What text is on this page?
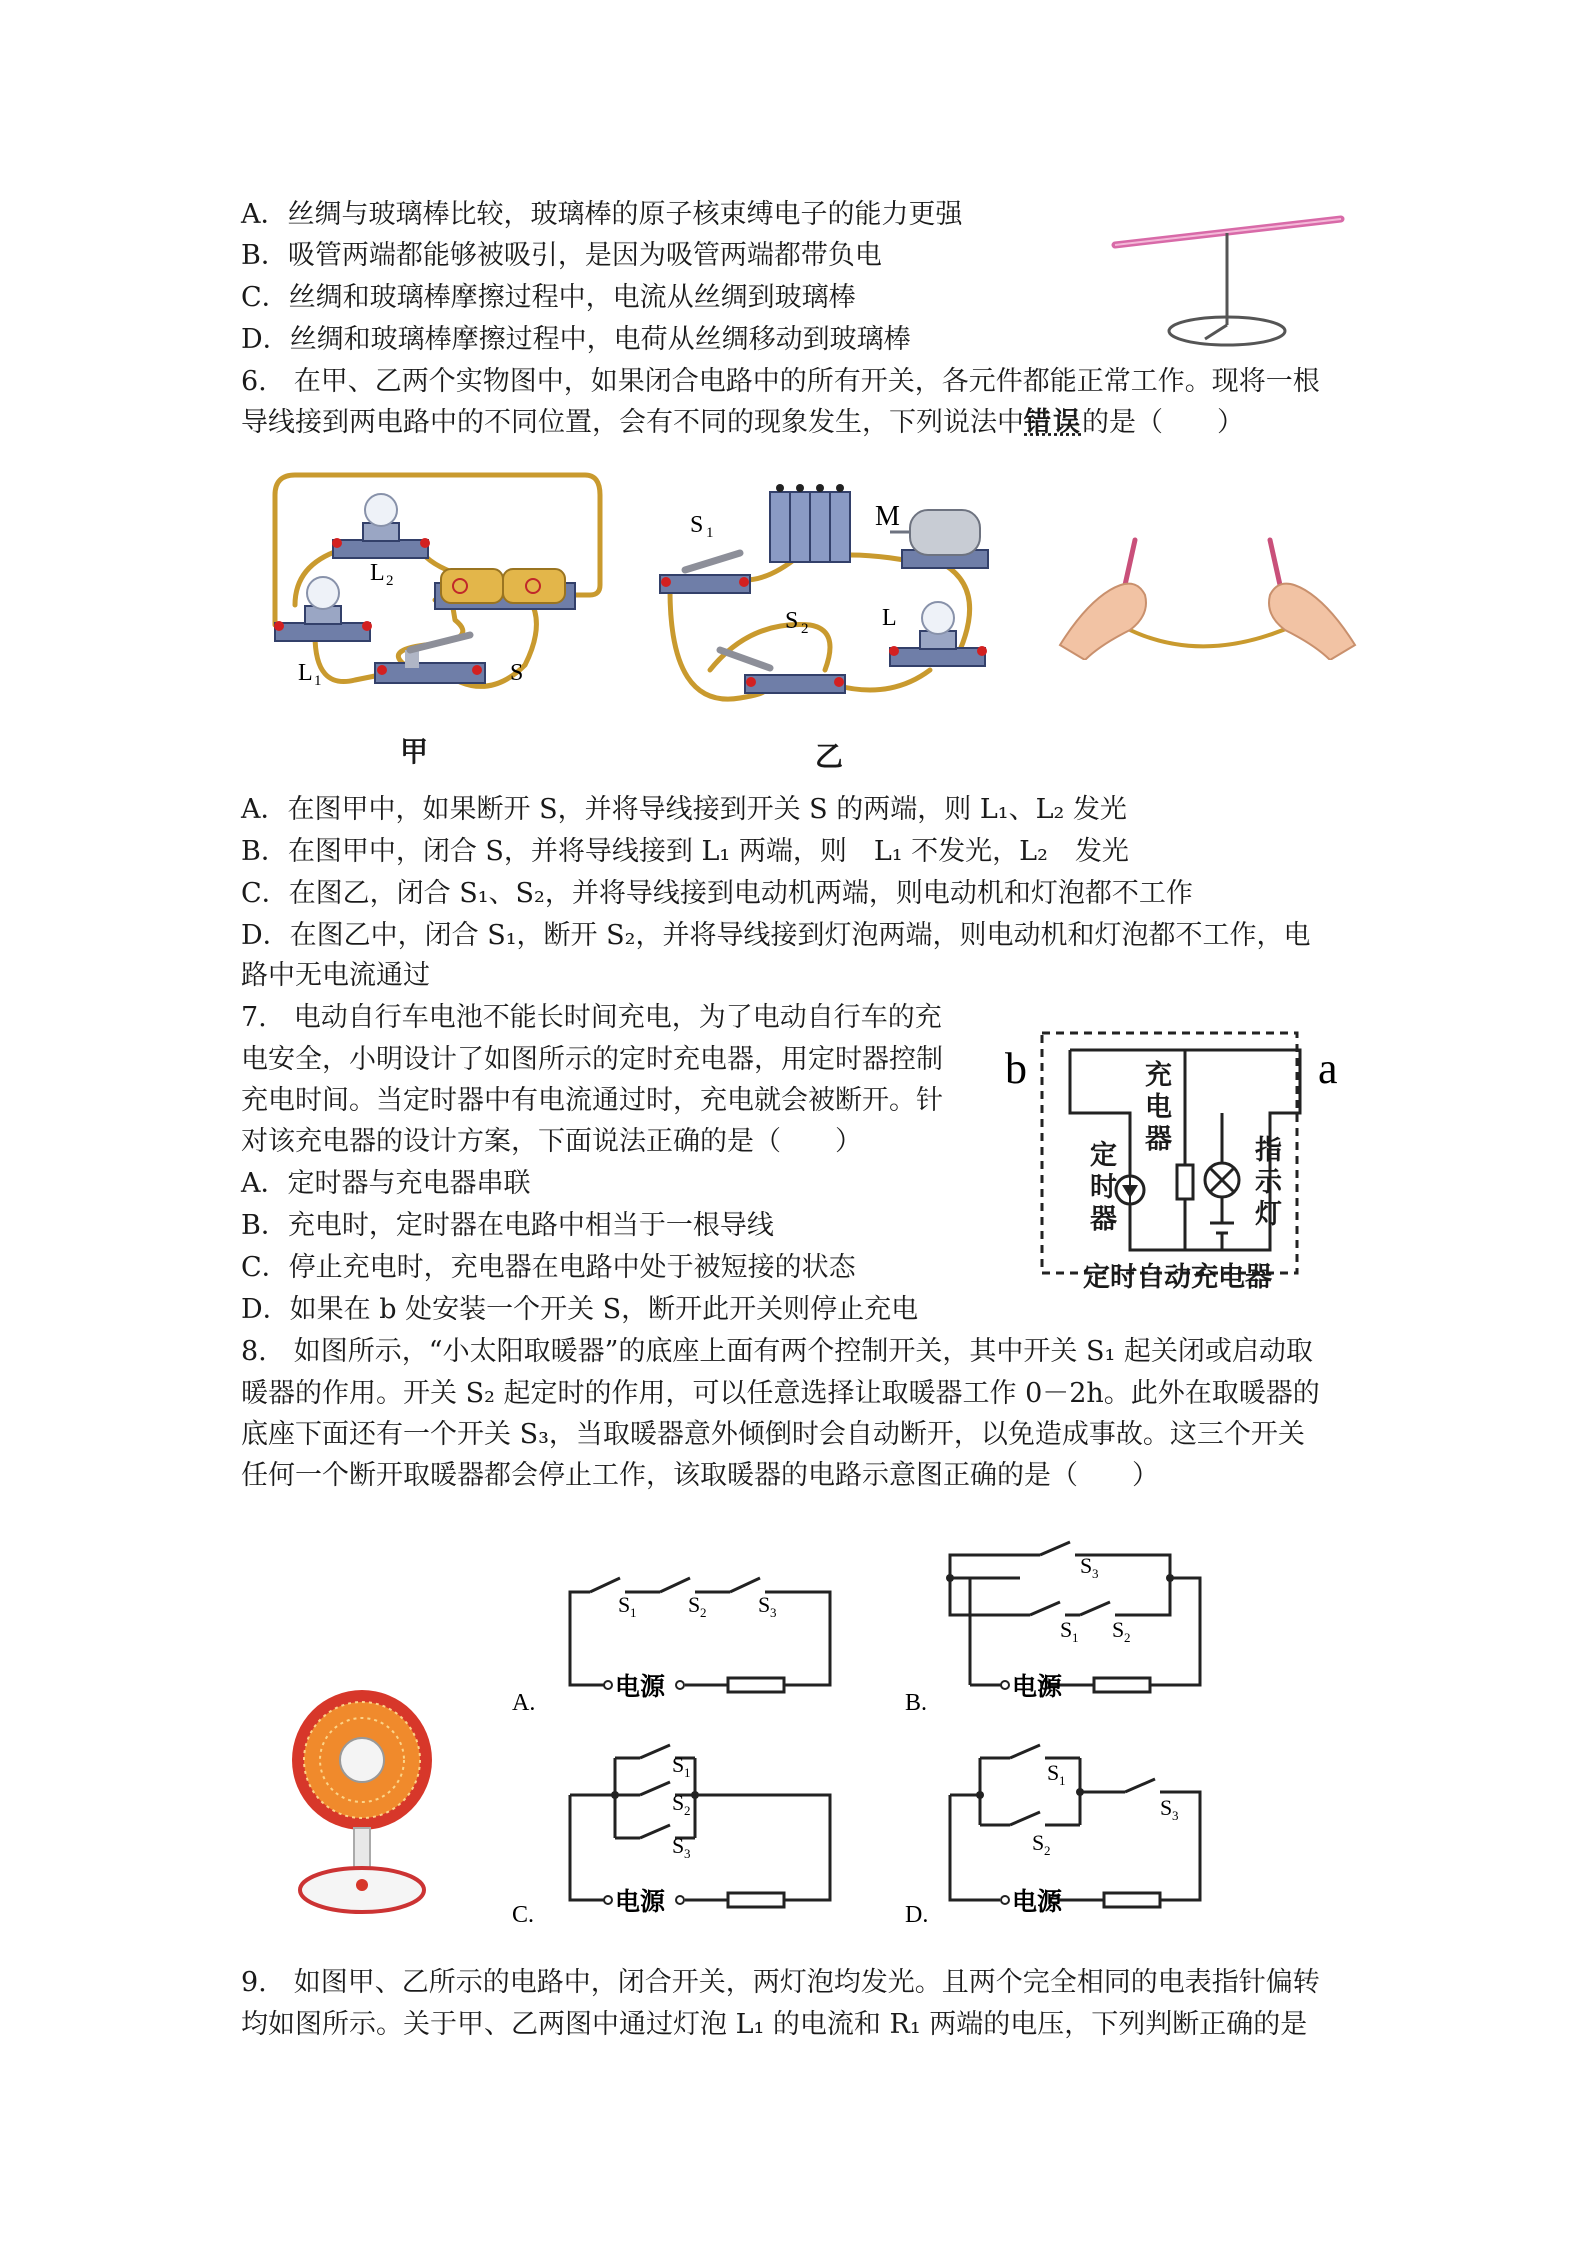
A．丝绸与玻璃棒比较，玻璃棒的原子核束缚电子的能力更强
B．吸管两端都能够被吸引，是因为吸管两端都带负电
C．丝绸和玻璃棒摩擦过程中，电流从丝绸到玻璃棒
D．丝绸和玻璃棒摩擦过程中，电荷从丝绸移动到玻璃棒
6.　在甲、乙两个实物图中，如果闭合电路中的所有开关，各元件都能正常工作。现将一根
导线接到两电路中的不同位置，会有不同的现象发生，下列说法中错误的是（　　）
L 2
L 1	S
甲
S 1
S 2
M
L
乙
A．在图甲中，如果断开 S，并将导线接到开关 S 的两端，则 L₁、L₂ 发光
B．在图甲中，闭合 S，并将导线接到 L₁ 两端，则　L₁ 不发光，L₂　发光
C．在图乙，闭合 S₁、S₂，并将导线接到电动机两端，则电动机和灯泡都不工作
D．在图乙中，闭合 S₁，断开 S₂，并将导线接到灯泡两端，则电动机和灯泡都不工作，电
路中无电流通过
7.　电动自行车电池不能长时间充电，为了电动自行车的充
电安全，小明设计了如图所示的定时充电器，用定时器控制
充电时间。当定时器中有电流通过时，充电就会被断开。针
对该充电器的设计方案，下面说法正确的是（　　）
A．定时器与充电器串联
B．充电时，定时器在电路中相当于一根导线
C．停止充电时，充电器在电路中处于被短接的状态
D．如果在 b 处安装一个开关 S，断开此开关则停止充电
b	a
定时器
充电器	指示灯
定时自动充电器
8.　如图所示，“小太阳取暖器”的底座上面有两个控制开关，其中开关 S₁ 起关闭或启动取
暖器的作用。开关 S₂ 起定时的作用，可以任意选择让取暖器工作 0－2h。此外在取暖器的
底座下面还有一个开关 S₃，当取暖器意外倾倒时会自动断开，以免造成事故。这三个开关
任何一个断开取暖器都会停止工作，该取暖器的电路示意图正确的是（　　）
S 1 S 2 S 3
S 3
S 1 S 2
S 1
S 2
S 3
S 1
S 2
S 3
A.	B.
C.	D.
电源	电源
电源	电源
9.　如图甲、乙所示的电路中，闭合开关，两灯泡均发光。且两个完全相同的电表指针偏转
均如图所示。关于甲、乙两图中通过灯泡 L₁ 的电流和 R₁ 两端的电压，下列判断正确的是
